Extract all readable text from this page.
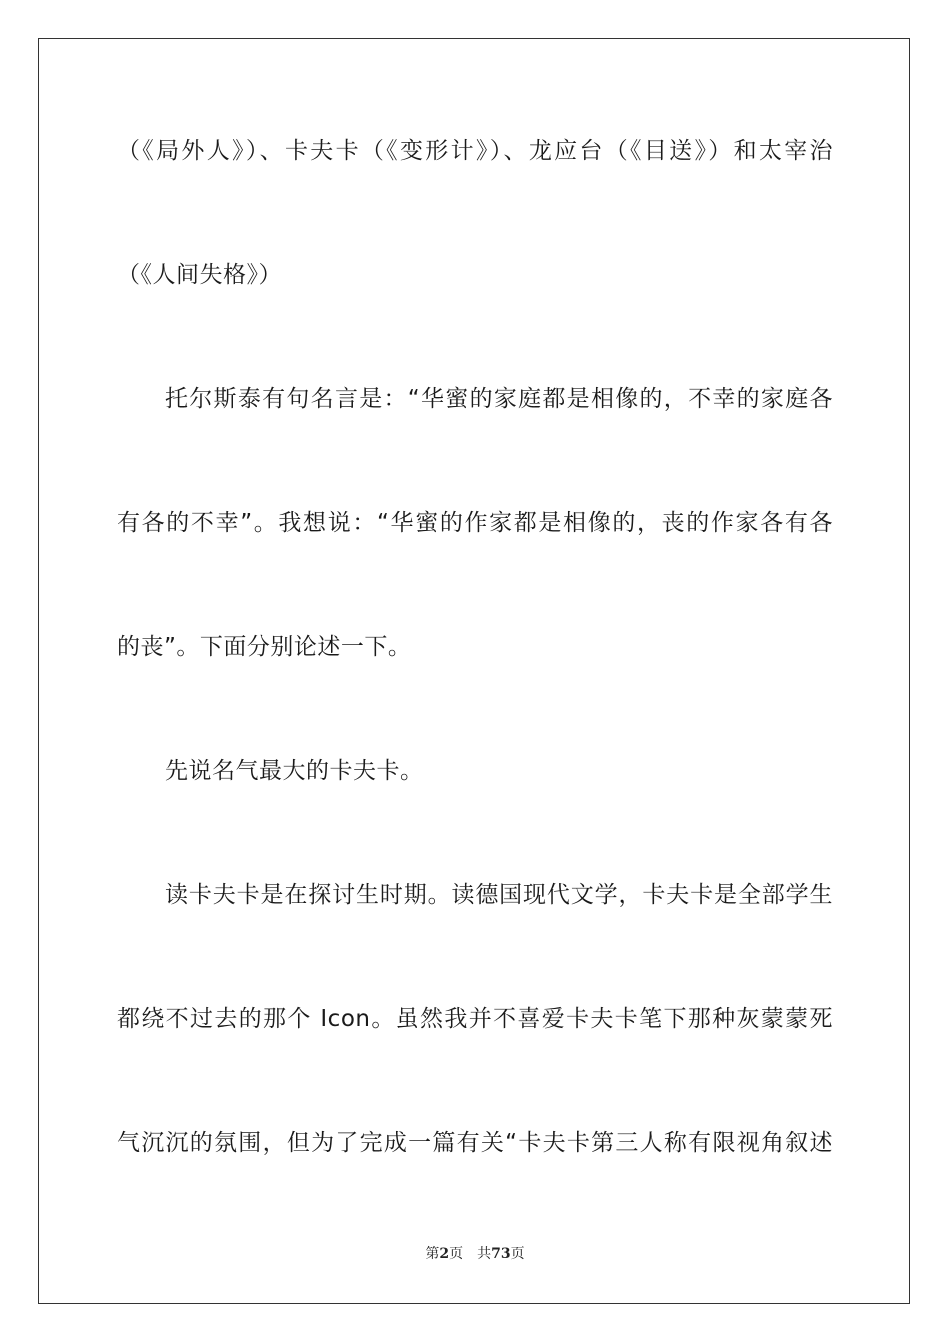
（《局外人》）、卡夫卡（《变形计》）、龙应台（《目送》）和太宰治
（《人间失格》）
托尔斯泰有句名言是：“华蜜的家庭都是相像的，不幸的家庭各
有各的不幸”。我想说：“华蜜的作家都是相像的，丧的作家各有各
的丧”。下面分别论述一下。
先说名气最大的卡夫卡。
读卡夫卡是在探讨生时期。读德国现代文学，卡夫卡是全部学生
都绕不过去的那个 Icon。虽然我并不喜爱卡夫卡笔下那种灰蒙蒙死
气沉沉的氛围，但为了完成一篇有关“卡夫卡第三人称有限视角叙述
第2页 共73页
